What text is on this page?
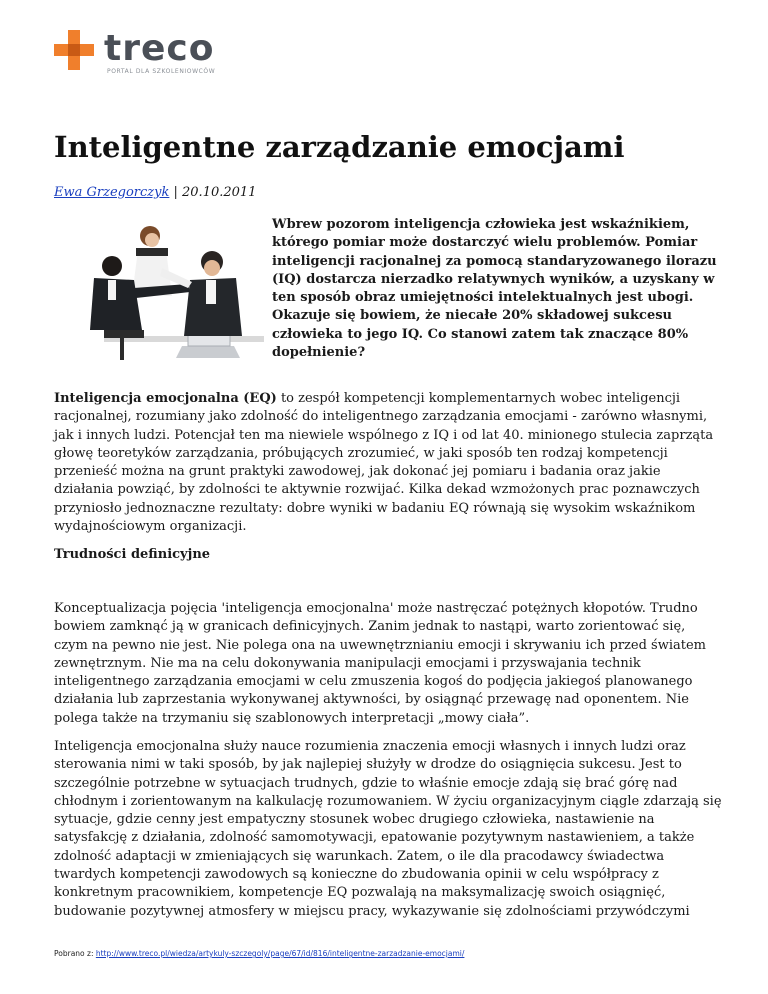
treco
PORTAL DLA SZKOLENIOWCÓW
Inteligentne zarządzanie emocjami
Ewa Grzegorczyk | 20.10.2011
Wbrew pozorom inteligencja człowieka jest wskaźnikiem, którego pomiar może dostarczyć wielu problemów. Pomiar inteligencji racjonalnej za pomocą standaryzowanego ilorazu (IQ) dostarcza nierzadko relatywnych wyników, a uzyskany w ten sposób obraz umiejętności intelektualnych jest ubogi. Okazuje się bowiem, że niecałe 20% składowej sukcesu człowieka to jego IQ. Co stanowi zatem tak znaczące 80% dopełnienie?

Inteligencja emocjonalna (EQ) to zespół kompetencji komplementarnych wobec inteligencji racjonalnej, rozumiany jako zdolność do inteligentnego zarządzania emocjami - zarówno własnymi, jak i innych ludzi. Potencjał ten ma niewiele wspólnego z IQ i od lat 40. minionego stulecia zaprząta głowę teoretyków zarządzania, próbujących zrozumieć, w jaki sposób ten rodzaj kompetencji przenieść można na grunt praktyki zawodowej, jak dokonać jej pomiaru i badania oraz jakie działania powziąć, by zdolności te aktywnie rozwijać. Kilka dekad wzmożonych prac poznawczych przyniosło jednoznaczne rezultaty: dobre wyniki w badaniu EQ równają się wysokim wskaźnikom wydajnościowym organizacji.

Trudności definicyjne

Konceptualizacja pojęcia 'inteligencja emocjonalna' może nastręczać potężnych kłopotów. Trudno bowiem zamknąć ją w granicach definicyjnych. Zanim jednak to nastąpi, warto zorientować się, czym na pewno nie jest. Nie polega ona na uwewnętrznianiu emocji i skrywaniu ich przed światem zewnętrznym. Nie ma na celu dokonywania manipulacji emocjami i przyswajania technik inteligentnego zarządzania emocjami w celu zmuszenia kogoś do podjęcia jakiegoś planowanego działania lub zaprzestania wykonywanej aktywności, by osiągnąć przewagę nad oponentem. Nie polega także na trzymaniu się szablonowych interpretacji „mowy ciała”.

Inteligencja emocjonalna służy nauce rozumienia znaczenia emocji własnych i innych ludzi oraz sterowania nimi w taki sposób, by jak najlepiej służyły w drodze do osiągnięcia sukcesu. Jest to szczególnie potrzebne w sytuacjach trudnych, gdzie to właśnie emocje zdają się brać górę nad chłodnym i zorientowanym na kalkulację rozumowaniem. W życiu organizacyjnym ciągle zdarzają się sytuacje, gdzie cenny jest empatyczny stosunek wobec drugiego człowieka, nastawienie na satysfakcję z działania, zdolność samomotywacji, epatowanie pozytywnym nastawieniem, a także zdolność adaptacji w zmieniających się warunkach. Zatem, o ile dla pracodawcy świadectwa twardych kompetencji zawodowych są konieczne do zbudowania opinii w celu współpracy z konkretnym pracownikiem, kompetencje EQ pozwalają na maksymalizację swoich osiągnięć, budowanie pozytywnej atmosfery w miejscu pracy, wykazywanie się zdolnościami przywódczymi

Pobrano z: http://www.treco.pl/wiedza/artykuly-szczegoly/page/67/id/816/inteligentne-zarzadzanie-emocjami/
